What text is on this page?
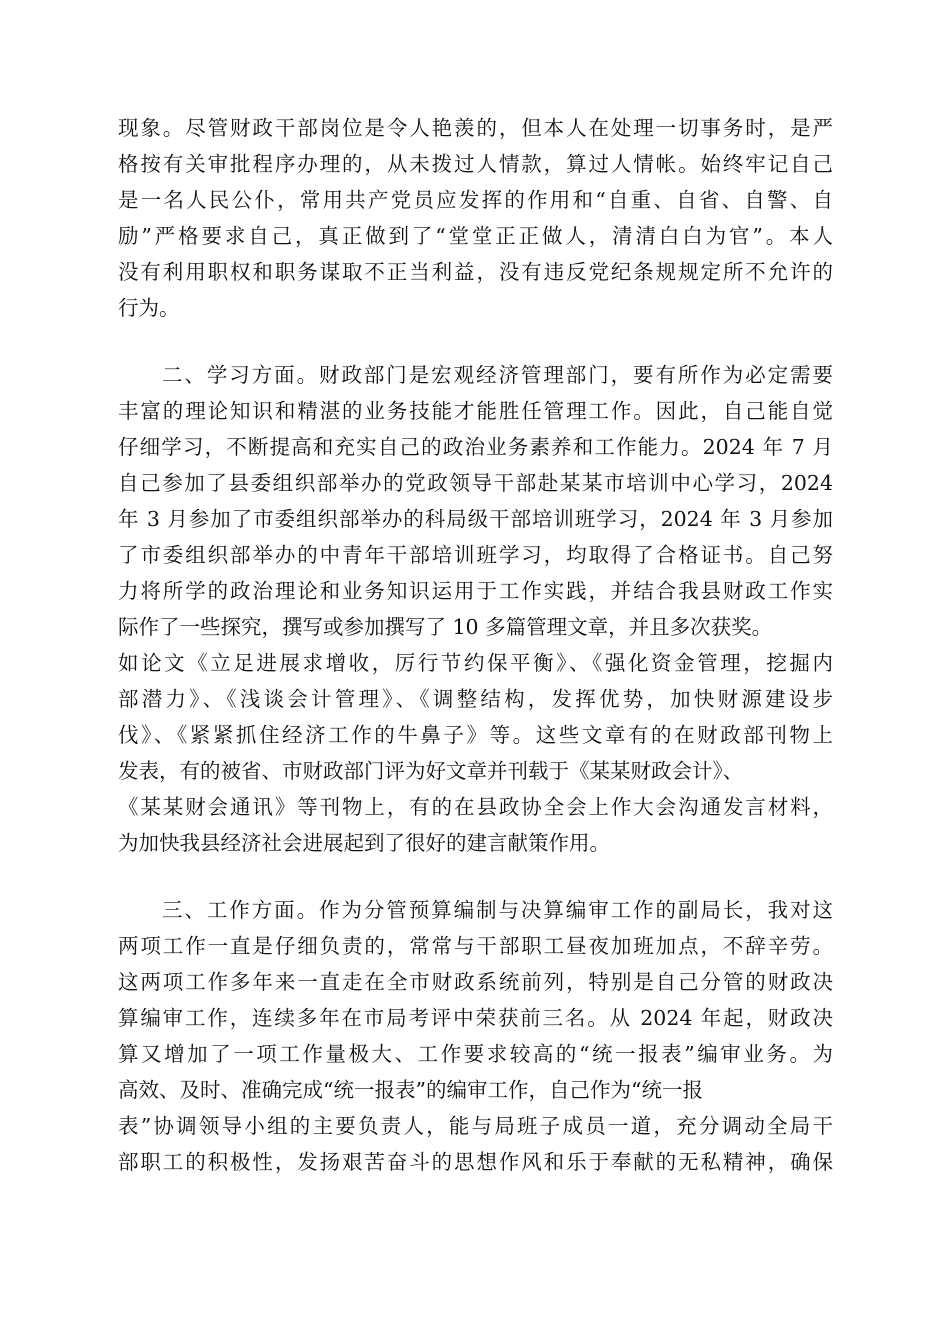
现象。尽管财政干部岗位是令人艳羡的，但本人在处理一切事务时，是严
格按有关审批程序办理的，从未拨过人情款，算过人情帐。始终牢记自己
是一名人民公仆，常用共产党员应发挥的作用和“自重、自省、自警、自
励”严格要求自己，真正做到了“堂堂正正做人，清清白白为官”。本人
没有利用职权和职务谋取不正当利益，没有违反党纪条规规定所不允许的
行为。
二、学习方面。财政部门是宏观经济管理部门，要有所作为必定需要
丰富的理论知识和精湛的业务技能才能胜任管理工作。因此，自己能自觉
仔细学习，不断提高和充实自己的政治业务素养和工作能力。2024 年 7 月
自己参加了县委组织部举办的党政领导干部赴某某市培训中心学习，2024
年 3 月参加了市委组织部举办的科局级干部培训班学习，2024 年 3 月参加
了市委组织部举办的中青年干部培训班学习，均取得了合格证书。自己努
力将所学的政治理论和业务知识运用于工作实践，并结合我县财政工作实
际作了一些探究，撰写或参加撰写了 10 多篇管理文章，并且多次获奖。
如论文《立足进展求增收，厉行节约保平衡》、《强化资金管理，挖掘内
部潜力》、《浅谈会计管理》、《调整结构，发挥优势，加快财源建设步
伐》、《紧紧抓住经济工作的牛鼻子》等。这些文章有的在财政部刊物上
发表，有的被省、市财政部门评为好文章并刊载于《某某财政会计》、
《某某财会通讯》等刊物上，有的在县政协全会上作大会沟通发言材料，
为加快我县经济社会进展起到了很好的建言献策作用。
三、工作方面。作为分管预算编制与决算编审工作的副局长，我对这
两项工作一直是仔细负责的，常常与干部职工昼夜加班加点，不辞辛劳。
这两项工作多年来一直走在全市财政系统前列，特别是自己分管的财政决
算编审工作，连续多年在市局考评中荣获前三名。从 2024 年起，财政决
算又增加了一项工作量极大、工作要求较高的“统一报表”编审业务。为
高效、及时、准确完成“统一报表”的编审工作，自己作为“统一报
表”协调领导小组的主要负责人，能与局班子成员一道，充分调动全局干
部职工的积极性，发扬艰苦奋斗的思想作风和乐于奉献的无私精神，确保
